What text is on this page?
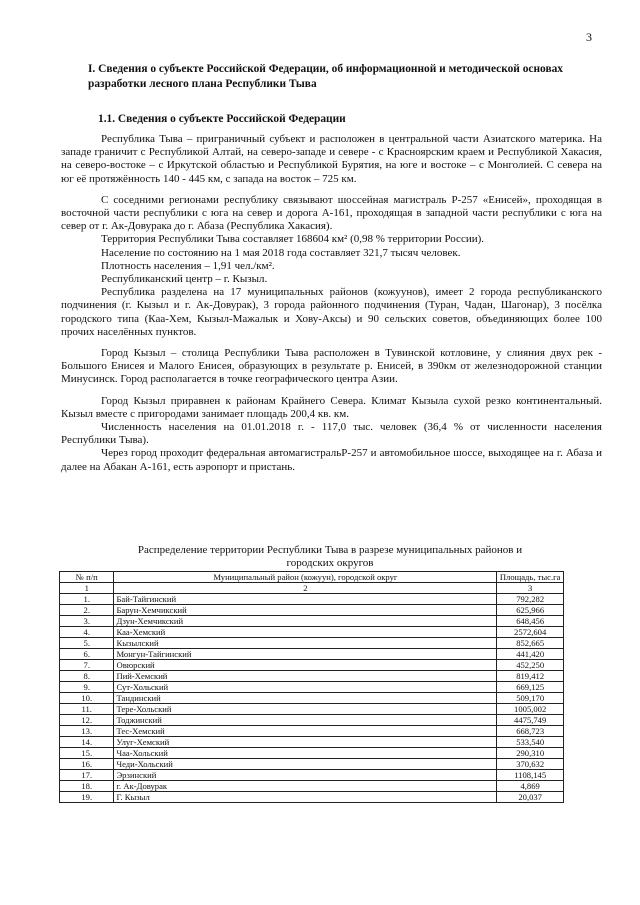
3
I. Сведения о субъекте Российской Федерации, об информационной и методической основах разработки лесного плана Республики Тыва
1.1. Сведения о субъекте Российской Федерации

Республика Тыва – приграничный субъект и расположен в центральной части Азиатского материка. На западе граничит с Республикой Алтай, на северо-западе и севере - с Красноярским краем и Республикой Хакасия, на северо-востоке – с Иркутской областью и Республикой Бурятия, на юге и востоке – с Монголией. С севера на юг её протяжённость 140 - 445 км, с запада на восток – 725 км.

С соседними регионами республику связывают шоссейная магистраль Р-257 «Енисей», проходящая в восточной части республики с юга на север и дорога А-161, проходящая в западной части республики с юга на север от г. Ак-Довурака до г. Абаза (Республика Хакасия).

Территория Республики Тыва составляет 168604 км² (0,98 % территории России).

Население по состоянию на 1 мая 2018 года составляет 321,7 тысяч человек.

Плотность населения – 1,91 чел./км².

Республиканский центр – г. Кызыл.

Республика разделена на 17 муниципальных районов (кожуунов), имеет 2 города республиканского подчинения (г. Кызыл и г. Ак-Довурак), 3 города районного подчинения (Туран, Чадан, Шагонар), 3 посёлка городского типа (Каа-Хем, Кызыл-Мажалык и Хову-Аксы) и 90 сельских советов, объединяющих более 100 прочих населённых пунктов.

Город Кызыл – столица Республики Тыва расположен в Тувинской котловине, у слияния двух рек - Большого Енисея и Малого Енисея, образующих в результате р. Енисей, в 390км от железнодорожной станции Минусинск. Город располагается в точке географического центра Азии.

Город Кызыл приравнен к районам Крайнего Севера. Климат Кызыла сухой резко континентальный. Кызыл вместе с пригородами занимает площадь 200,4 кв. км.

Численность населения на 01.01.2018 г. - 117,0 тыс. человек (36,4 % от численности населения Республики Тыва).

Через город проходит федеральная автомагистральР-257 и автомобильное шоссе, выходящее на г. Абаза и далее на Абакан А-161, есть аэропорт и пристань.

Распределение территории Республики Тыва в разрезе муниципальных районов и городских округов
№ п/п	Муниципальный район (кожуун), городской округ	Площадь, тыс.га
1	2	3
1.	Бай-Тайгинский	792,282
2.	Барун-Хемчикский	625,966
3.	Дзун-Хемчикский	648,456
4.	Каа-Хемский	2572,604
5.	Кызылский	852,665
6.	Монгун-Тайгинский	441,420
7.	Овюрский	452,250
8.	Пий-Хемский	819,412
9.	Сут-Хольский	669,125
10.	Тандинский	509,170
11.	Тере-Хольский	1005,002
12.	Тоджинский	4475,749
13.	Тес-Хемский	668,723
14.	Улуг-Хемский	533,540
15.	Чаа-Хольский	290,310
16.	Чеди-Хольский	370,632
17.	Эрзинский	1108,145
18.	г. Ак-Довурак	4,869
19.	Г. Кызыл	20,037
